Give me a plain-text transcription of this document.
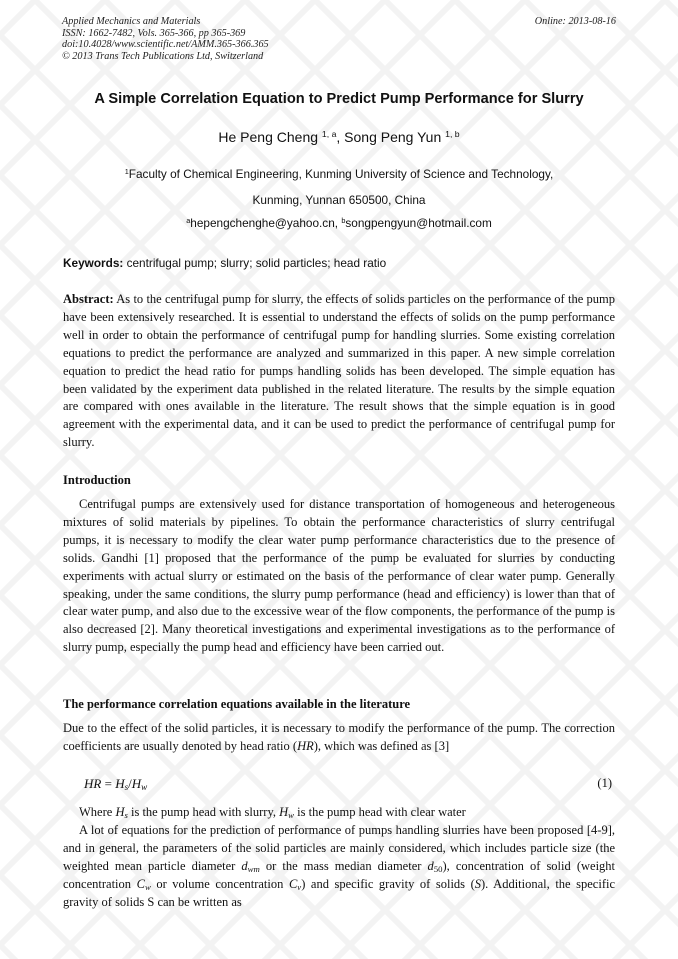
Applied Mechanics and Materials
ISSN: 1662-7482, Vols. 365-366, pp 365-369
doi:10.4028/www.scientific.net/AMM.365-366.365
© 2013 Trans Tech Publications Ltd, Switzerland
Online: 2013-08-16
A Simple Correlation Equation to Predict Pump Performance for Slurry
He Peng Cheng $^{1, a}$, Song Peng Yun $^{1, b}$
$^1$Faculty of Chemical Engineering, Kunming University of Science and Technology,
Kunming, Yunnan 650500, China
$^a$hepengchenghe@yahoo.cn, $^b$songpengyun@hotmail.com
Keywords: centrifugal pump; slurry; solid particles; head ratio
Abstract: As to the centrifugal pump for slurry, the effects of solids particles on the performance of the pump have been extensively researched. It is essential to understand the effects of solids on the pump performance well in order to obtain the performance of centrifugal pump for handling slurries. Some existing correlation equations to predict the performance are analyzed and summarized in this paper. A new simple correlation equation to predict the head ratio for pumps handling solids has been developed. The simple equation has been validated by the experiment data published in the related literature. The results by the simple equation are compared with ones available in the literature. The result shows that the simple equation is in good agreement with the experimental data, and it can be used to predict the performance of centrifugal pump for slurry.
Introduction
Centrifugal pumps are extensively used for distance transportation of homogeneous and heterogeneous mixtures of solid materials by pipelines. To obtain the performance characteristics of slurry centrifugal pumps, it is necessary to modify the clear water pump performance characteristics due to the presence of solids. Gandhi [1] proposed that the performance of the pump be evaluated for slurries by conducting experiments with actual slurry or estimated on the basis of the performance of clear water pump. Generally speaking, under the same conditions, the slurry pump performance (head and efficiency) is lower than that of clear water pump, and also due to the excessive wear of the flow components, the performance of the pump is also decreased [2]. Many theoretical investigations and experimental investigations as to the performance of slurry pump, especially the pump head and efficiency have been carried out.
The performance correlation equations available in the literature
Due to the effect of the solid particles, it is necessary to modify the performance of the pump. The correction coefficients are usually denoted by head ratio (HR), which was defined as [3]
HR = $H_s/H_w$	(1)
Where $H_s$ is the pump head with slurry, $H_w$ is the pump head with clear water
A lot of equations for the prediction of performance of pumps handling slurries have been proposed [4-9], and in general, the parameters of the solid particles are mainly considered, which includes particle size (the weighted mean particle diameter $d_{wm}$ or the mass median diameter $d_{50}$), concentration of solid (weight concentration $C_w$ or volume concentration $C_v$) and specific gravity of solids (S). Additional, the specific gravity of solids S can be written as
